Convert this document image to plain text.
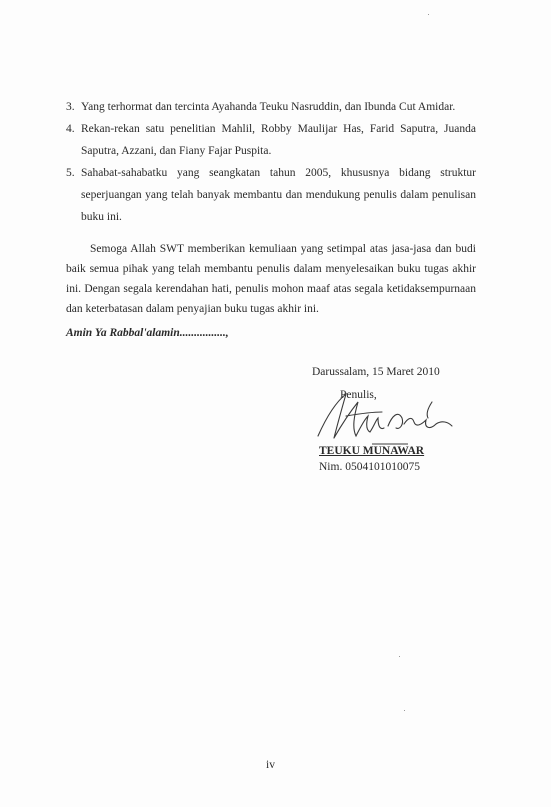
3. Yang terhormat dan tercinta Ayahanda Teuku Nasruddin, dan Ibunda Cut Amidar.
4. Rekan-rekan satu penelitian Mahlil, Robby Maulijar Has, Farid Saputra, Juanda Saputra, Azzani, dan Fiany Fajar Puspita.
5. Sahabat-sahabatku yang seangkatan tahun 2005, khususnya bidang struktur seperjuangan yang telah banyak membantu dan mendukung penulis dalam penulisan buku ini.

Semoga Allah SWT memberikan kemuliaan yang setimpal atas jasa-jasa dan budi baik semua pihak yang telah membantu penulis dalam menyelesaikan buku tugas akhir ini. Dengan segala kerendahan hati, penulis mohon maaf atas segala ketidaksempurnaan dan keterbatasan dalam penyajian buku tugas akhir ini.

Amin Ya Rabbal'alamin................,

Darussalam, 15 Maret 2010
Penulis,
TEUKU MUNAWAR
Nim. 0504101010075
iv
